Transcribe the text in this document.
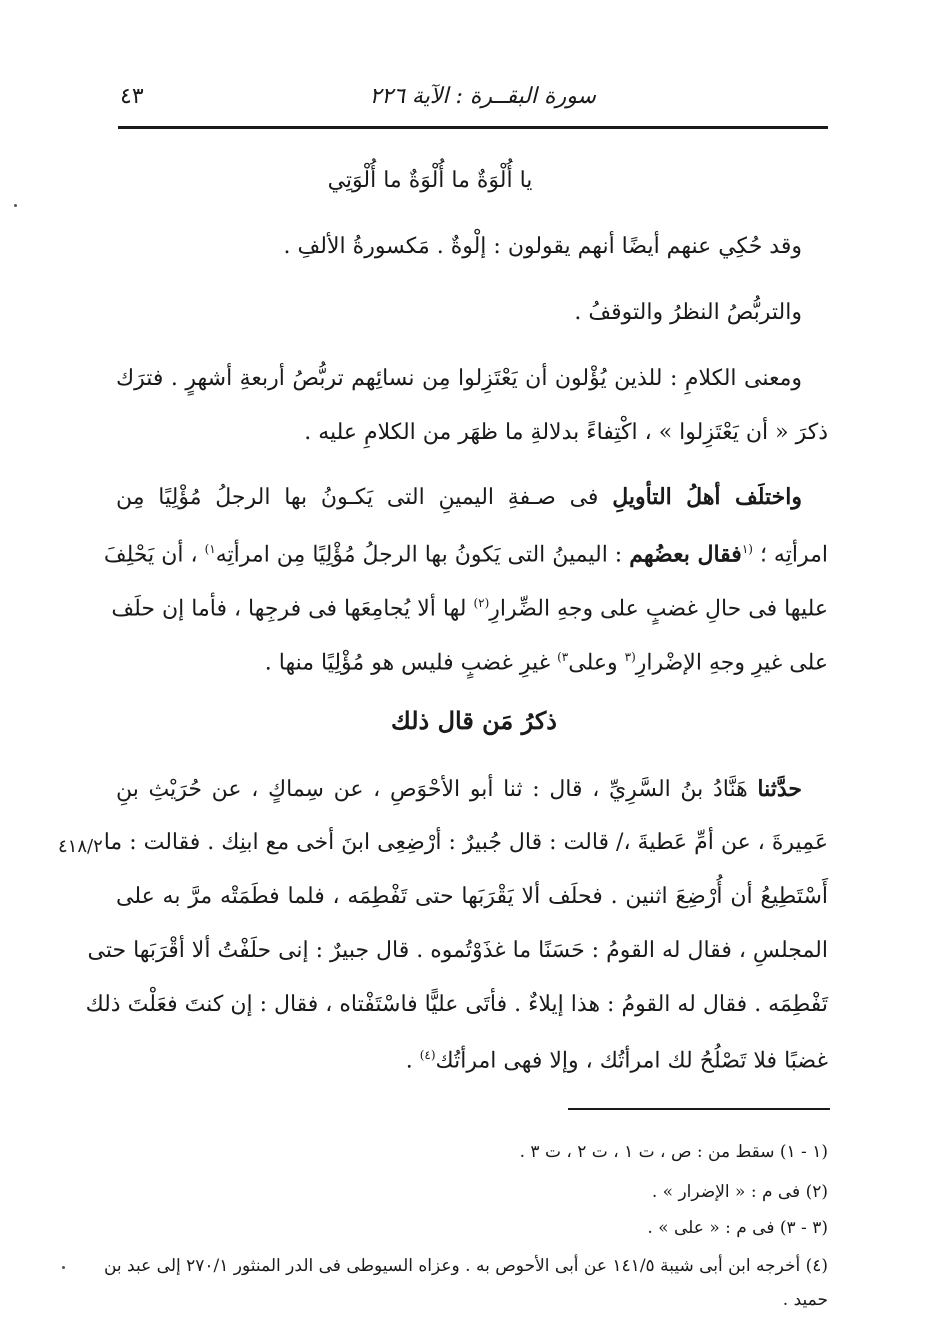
سورة البقــرة : الآية ٢٢٦
٤٣
يا أُلْوَةٌ ما أُلْوَةٌ ما أُلْوَتِي
وقد حُكِي عنهم أيضًا أنهم يقولون : إلْوةٌ . مَكسورةُ الألفِ .
والتربُّصُ النظرُ والتوقفُ .
ومعنى الكلامِ : للذين يُؤْلون أن يَعْتَزِلوا مِن نسائِهم تربُّصُ أربعةِ أشهرٍ . فترَك
ذكرَ « أن يَعْتَزِلوا » ، اكْتِفاءً بدلالةِ ما ظهَر من الكلامِ عليه .
واختلَف أهلُ التأويلِ فى صـفةِ اليمينِ التى يَكـونُ بها الرجلُ مُؤْلِيًا مِن
امرأتِه ؛ $^{(١}$فقال بعضُهم : اليمينُ التى يَكونُ بها الرجلُ مُؤْلِيًا مِن امرأتِه$^{١)}$ ، أن يَحْلِفَ
عليها فى حالِ غضبٍ على وجهِ الضِّرارِ$^{(٢)}$ لها ألا يُجامِعَها فى فرجِها ، فأما إن حلَف
على غيرِ وجهِ الإضْرارِ$^{(٣}$ وعلى$^{٣)}$ غيرِ غضبٍ فليس هو مُؤْلِيًا منها .
ذكرُ مَن قال ذلك
حدَّثنا هَنَّادُ بنُ السَّرِيِّ ، قال : ثنا أبو الأحْوَصِ ، عن سِماكٍ ، عن حُرَيْثِ بنِ
عَمِيرةَ ، عن أمِّ عَطيةَ ،/ قالت : قال جُبيرٌ : أرْضِعِى ابنَ أخى مع ابنِك . فقالت : ما
أَسْتَطِيعُ أن أُرْضِعَ اثنين . فحلَف ألا يَقْرَبَها حتى تَفْطِمَه ، فلما فطَمَتْه مرَّ به على
المجلسِ ، فقال له القومُ : حَسَنًا ما غذَوْتُموه . قال جبيرٌ : إنى حلَفْتُ ألا أقْرَبَها حتى
تَفْطِمَه . فقال له القومُ : هذا إيلاءٌ . فأتَى عليًّا فاسْتَفْتاه ، فقال : إن كنتَ فعَلْتَ ذلك
غضبًا فلا تَصْلُحُ لك امرأتُك ، وإلا فهى امرأتُك$^{(٤)}$ .
٤١٨/٢
(١ - ١) سقط من : ص ، ت ١ ، ت ٢ ، ت ٣ .
(٢) فى م : « الإضرار » .
(٣ - ٣) فى م : « على » .
(٤) أخرجه ابن أبى شيبة ١٤١/٥ عن أبى الأحوص به . وعزاه السيوطى فى الدر المنثور ٢٧٠/١ إلى عبد بن
حميد .
